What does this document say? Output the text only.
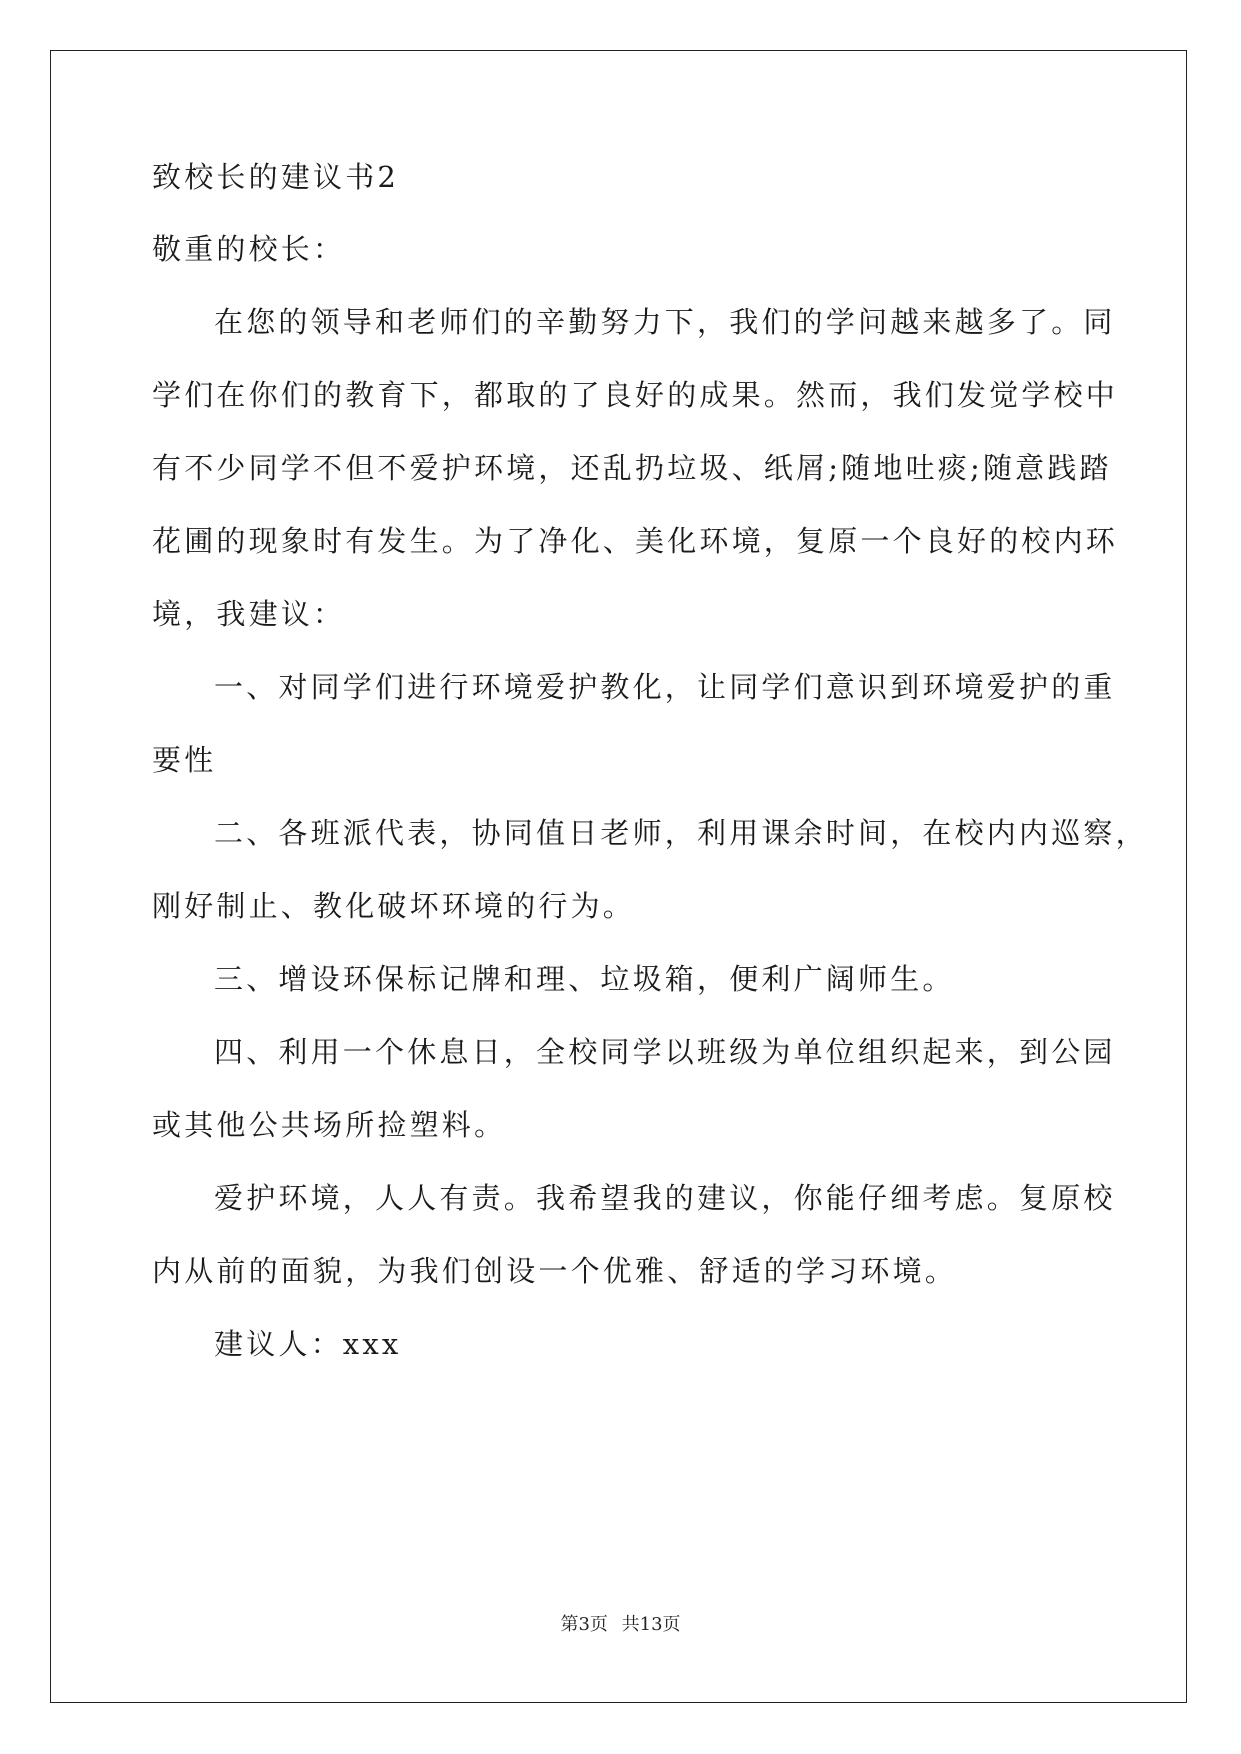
致校长的建议书2
敬重的校长：
在您的领导和老师们的辛勤努力下，我们的学问越来越多了。同
学们在你们的教育下，都取的了良好的成果。然而，我们发觉学校中
有不少同学不但不爱护环境，还乱扔垃圾、纸屑;随地吐痰;随意践踏
花圃的现象时有发生。为了净化、美化环境，复原一个良好的校内环
境，我建议：
一、对同学们进行环境爱护教化，让同学们意识到环境爱护的重
要性
二、各班派代表，协同值日老师，利用课余时间，在校内内巡察，
刚好制止、教化破坏环境的行为。
三、增设环保标记牌和理、垃圾箱，便利广阔师生。
四、利用一个休息日，全校同学以班级为单位组织起来，到公园
或其他公共场所捡塑料。
爱护环境，人人有责。我希望我的建议，你能仔细考虑。复原校
内从前的面貌，为我们创设一个优雅、舒适的学习环境。
建议人：xxx
第3页 共13页
